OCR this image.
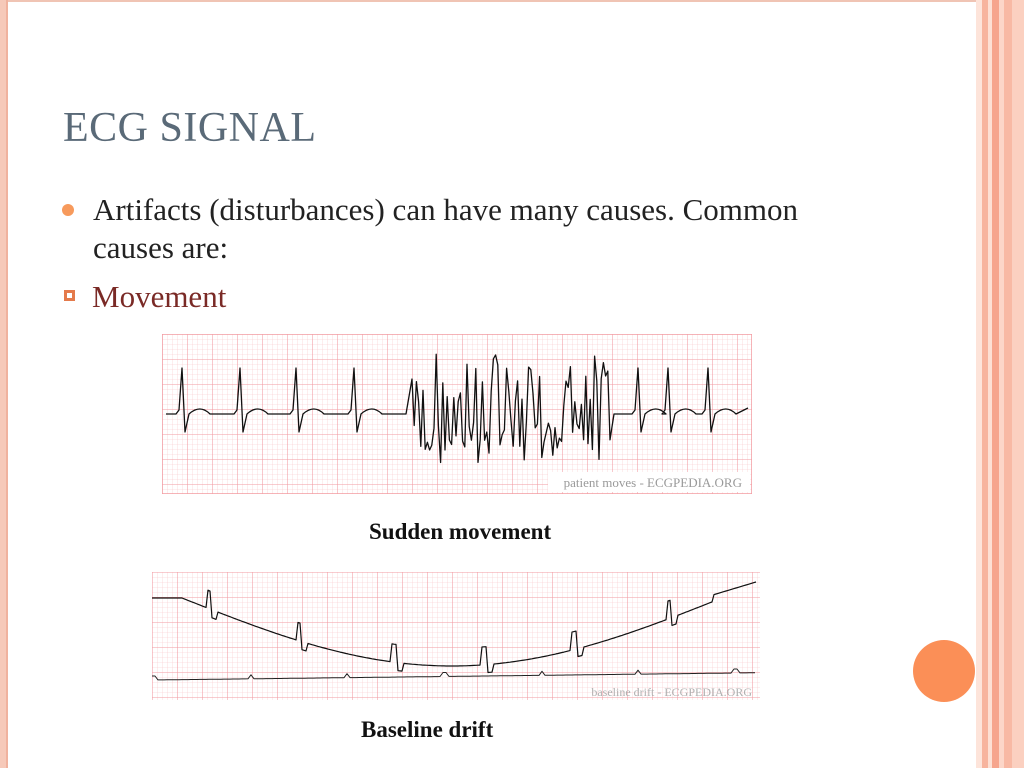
ECG SIGNAL
Artifacts (disturbances) can have many causes. Common causes are:
Movement
patient moves - ECGPEDIA.ORG
Sudden movement
baseline drift - ECGPEDIA.ORG
Baseline drift
